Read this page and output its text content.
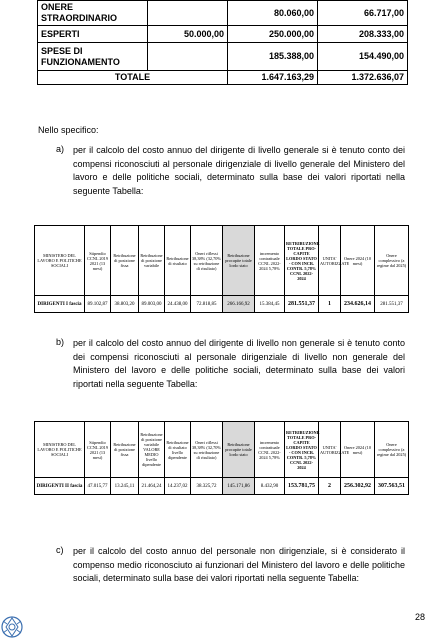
ONERE STRAORDINARIO		80.060,00	66.717,00
ESPERTI	50.000,00	250.000,00	208.333,00
SPESE DI FUNZIONAMENTO		185.388,00	154.490,00
TOTALE		1.647.163,29	1.372.636,07
Nello specifico:
a) per il calcolo del costo annuo del dirigente di livello generale si è tenuto conto dei compensi riconosciuti al personale dirigenziale di livello generale del Ministero del lavoro e delle politiche sociali, determinato sulla base dei valori riportati nella seguente Tabella:
MINISTERO DEL LAVORO E POLITICHE SOCIALI	Stipendio CCNL 2019 2021 (13 mesi)	Retribuzione di posizione fissa	Retribuzione di posizione variabile	Retribuzione di risultato	Oneri riflessi 38,38% (32,70% su retribuzione di risultato)	Retribuzione procapite totale lordo stato	incremento contrattuale CCNL 2022-2024 5,78%	RETRIBUZIONE TOTALE PRO-CAPITE LORDO STATO - CON INCR. CONTR. 5,78% CCNL 2022-2024	UNITA' AUTORIZZATE	Onere 2024 (10 mesi)	Onere complessivo (a regime dal 2025)
DIRIGENTI I fascia	89.102,87	38.803,20	89.003,00	24.438,00	72.818,85	266.166,92	15.384,45	281.551,37	1	234.626,14	281.551,37
b) per il calcolo del costo annuo del dirigente di livello non generale si è tenuto conto dei compensi riconosciuti al personale dirigenziale di livello non generale del Ministero del lavoro e delle politiche sociali, determinato sulla base dei valori riportati nella seguente Tabella:
MINISTERO DEL LAVORO E POLITICHE SOCIALI	Stipendio CCNL 2019 2021 (13 mesi)	Retribuzione di posizione fissa	Retribuzione di posizione variabile VALORE MEDIO livello dipendente	Retribuzione di risultato livello dipendente	Oneri riflessi 38,38% (32,70% su retribuzione di risultato)	Retribuzione procapite totale lordo stato	incremento contrattuale CCNL 2022-2024 5,78%	RETRIBUZIONE TOTALE PRO-CAPITE LORDO STATO - CON INCR. CONTR. 5,78% CCNL 2022-2024	UNITA' AUTORIZZATE	Onere 2024 (10 mesi)	Onere complessivo (a regime dal 2025)
DIRIGENTI II fascia	47.015,77	13.245,11	21.464,24	14.237,02	38.325,72	145.171,86	8.432,90	153.781,75	2	256.302,92	307.563,51
c) per il calcolo del costo annuo del personale non dirigenziale, si è considerato il compenso medio riconosciuto ai funzionari del Ministero del lavoro e delle politiche sociali, determinato sulla base dei valori riportati nella seguente Tabella:
28
